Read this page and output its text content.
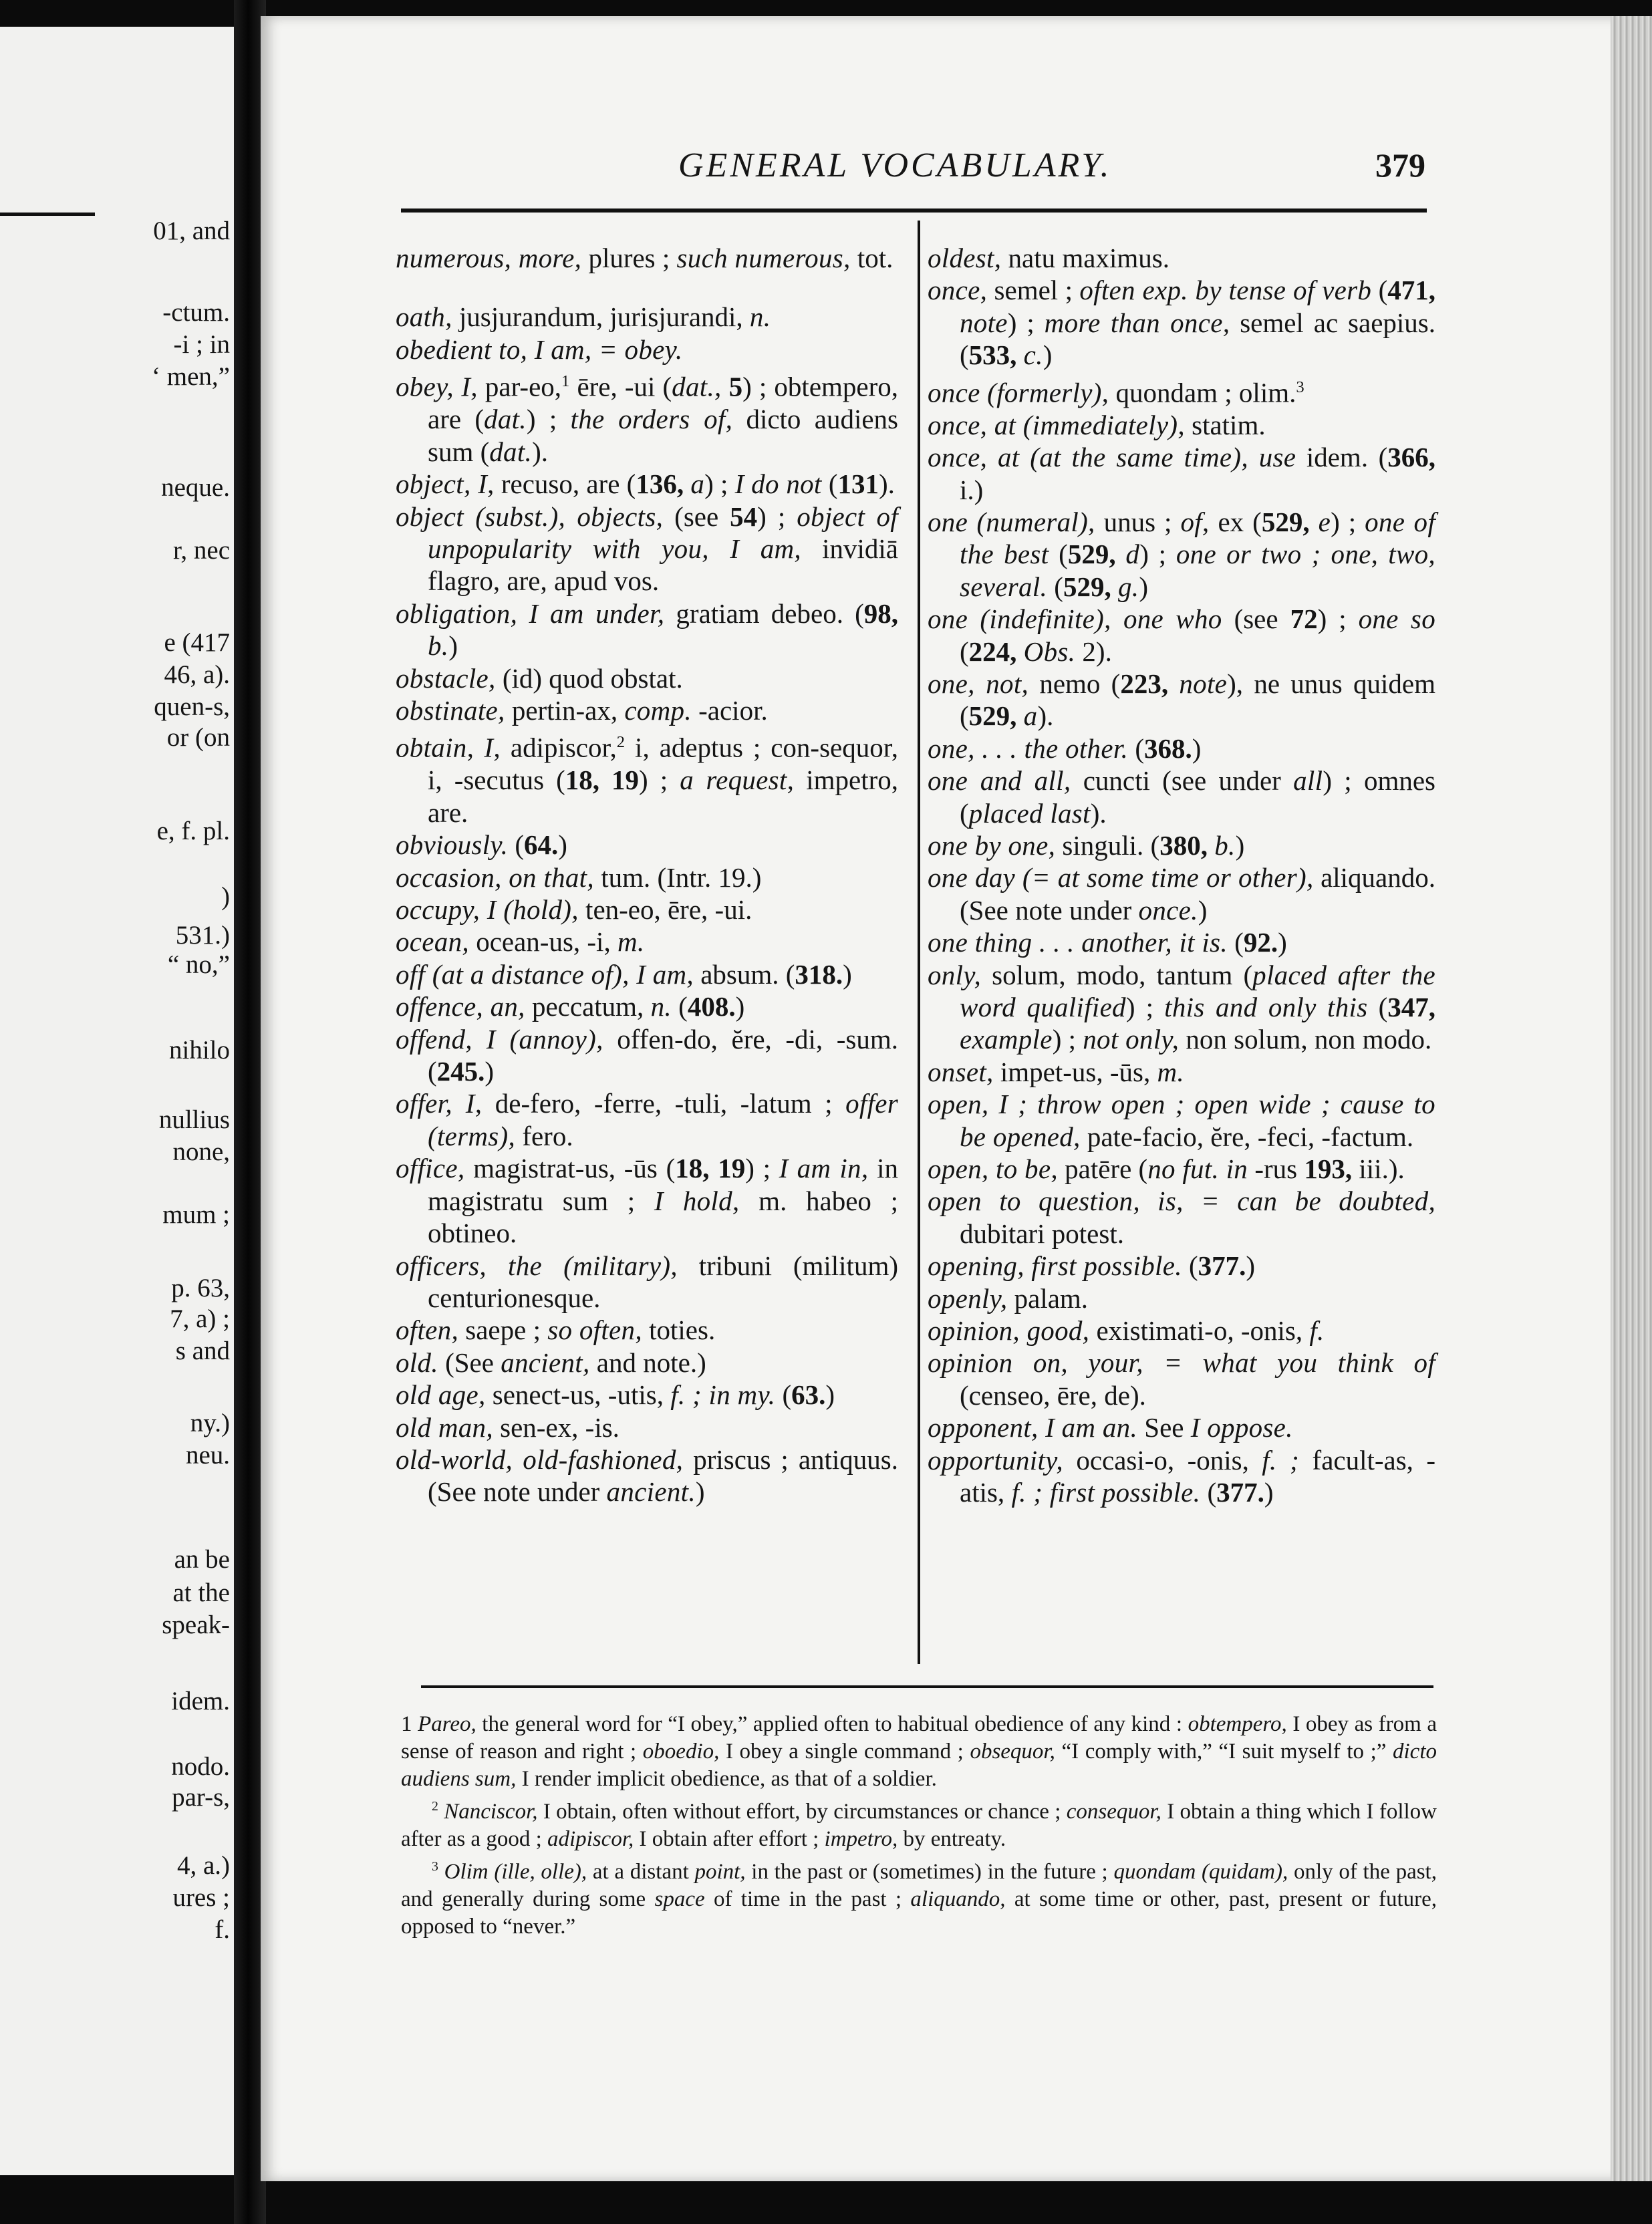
01, and
-ctum.
-i ; in
‘ men,”
neque.
r, nec
e (417
46, a).
quen-s,
or (on
e, f. pl.
)
531.)
“ no,”
nihilo
nullius
none,
mum ;
p. 63,
7, a) ;
s and
ny.)
neu.
an be
at the
speak-
idem.
nodo.
par-s,
4, a.)
ures ;
f.
GENERAL VOCABULARY.	379
numerous, more, plures ; such numerous, tot.
oath, jusjurandum, jurisjurandi, n.
obedient to, I am, = obey.
obey, I, par-eo,$^1$ ēre, -ui (dat., 5) ; obtempero, are (dat.) ; the orders of, dicto audiens sum (dat.).
object, I, recuso, are (136, a) ; I do not (131).
object (subst.), objects, (see 54) ; object of unpopularity with you, I am, invidiā flagro, are, apud vos.
obligation, I am under, gratiam debeo. (98, b.)
obstacle, (id) quod obstat.
obstinate, pertin-ax, comp. -acior.
obtain, I, adipiscor,$^2$ i, adeptus ; con-sequor, i, -secutus (18, 19) ; a request, impetro, are.
obviously. (64.)
occasion, on that, tum. (Intr. 19.)
occupy, I (hold), ten-eo, ēre, -ui.
ocean, ocean-us, -i, m.
off (at a distance of), I am, absum. (318.)
offence, an, peccatum, n. (408.)
offend, I (annoy), offen-do, ĕre, -di, -sum. (245.)
offer, I, de-fero, -ferre, -tuli, -latum ; offer (terms), fero.
office, magistrat-us, -ūs (18, 19) ; I am in, in magistratu sum ; I hold, m. habeo ; obtineo.
officers, the (military), tribuni (militum) centurionesque.
often, saepe ; so often, toties.
old. (See ancient, and note.)
old age, senect-us, -utis, f. ; in my. (63.)
old man, sen-ex, -is.
old-world, old-fashioned, priscus ; antiquus. (See note under ancient.)
oldest, natu maximus.
once, semel ; often exp. by tense of verb (471, note) ; more than once, semel ac saepius. (533, c.)
once (formerly), quondam ; olim.$^3$
once, at (immediately), statim.
once, at (at the same time), use idem. (366, i.)
one (numeral), unus ; of, ex (529, e) ; one of the best (529, d) ; one or two ; one, two, several. (529, g.)
one (indefinite), one who (see 72) ; one so (224, Obs. 2).
one, not, nemo (223, note), ne unus quidem (529, a).
one, . . . the other. (368.)
one and all, cuncti (see under all) ; omnes (placed last).
one by one, singuli. (380, b.)
one day (= at some time or other), aliquando. (See note under once.)
one thing . . . another, it is. (92.)
only, solum, modo, tantum (placed after the word qualified) ; this and only this (347, example) ; not only, non solum, non modo.
onset, impet-us, -ūs, m.
open, I ; throw open ; open wide ; cause to be opened, pate-facio, ĕre, -feci, -factum.
open, to be, patēre (no fut. in -rus 193, iii.).
open to question, is, = can be doubted, dubitari potest.
opening, first possible. (377.)
openly, palam.
opinion, good, existimati-o, -onis, f.
opinion on, your, = what you think of (censeo, ēre, de).
opponent, I am an. See I oppose.
opportunity, occasi-o, -onis, f. ; facult-as, -atis, f. ; first possible. (377.)
1 Pareo, the general word for “I obey,” applied often to habitual obedience of any kind : obtempero, I obey as from a sense of reason and right ; oboedio, I obey a single command ; obsequor, “I comply with,” “I suit myself to ;” dicto audiens sum, I render implicit obedience, as that of a soldier.
$^2$ Nanciscor, I obtain, often without effort, by circumstances or chance ; consequor, I obtain a thing which I follow after as a good ; adipiscor, I obtain after effort ; impetro, by entreaty.
$^3$ Olim (ille, olle), at a distant point, in the past or (sometimes) in the future ; quondam (quidam), only of the past, and generally during some space of time in the past ; aliquando, at some time or other, past, present or future, opposed to “never.”
